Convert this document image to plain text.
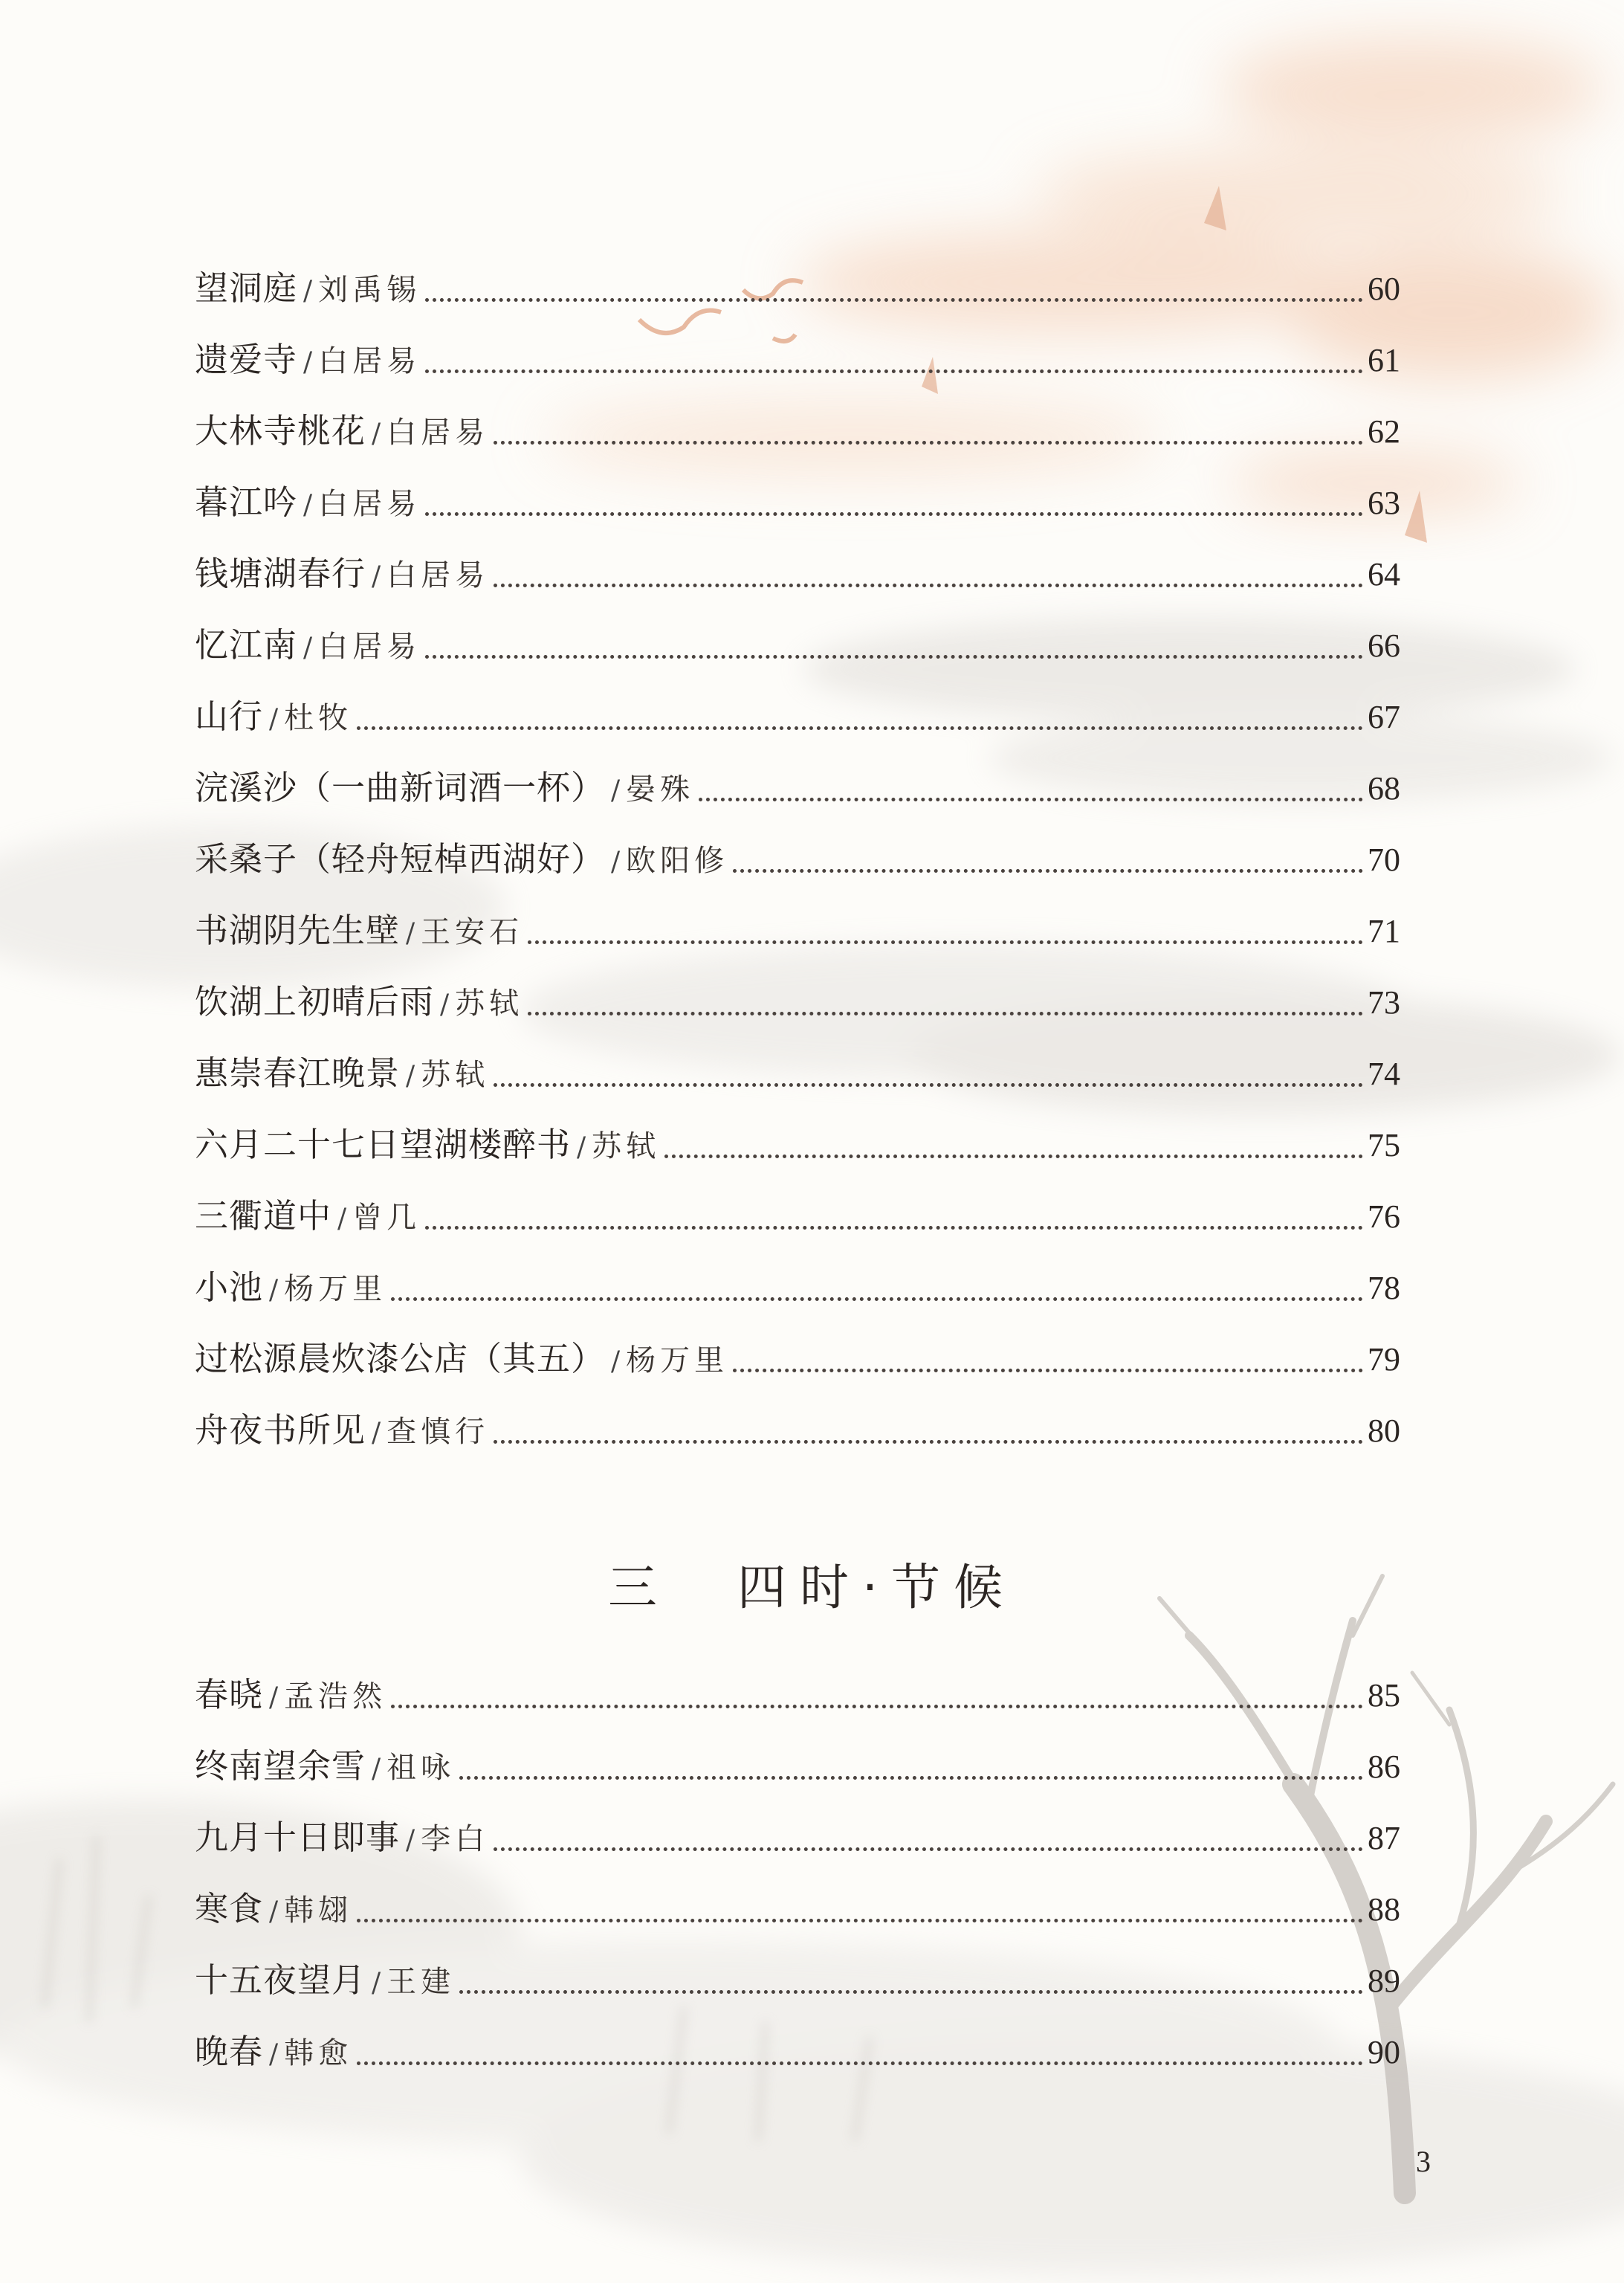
望洞庭 / 刘禹锡	60
遗爱寺 / 白居易	61
大林寺桃花 / 白居易	62
暮江吟 / 白居易	63
钱塘湖春行 / 白居易	64
忆江南 / 白居易	66
山行 / 杜牧	67
浣溪沙（一曲新词酒一杯） / 晏殊	68
采桑子（轻舟短棹西湖好） / 欧阳修	70
书湖阴先生壁 / 王安石	71
饮湖上初晴后雨 / 苏轼	73
惠崇春江晚景 / 苏轼	74
六月二十七日望湖楼醉书 / 苏轼	75
三衢道中 / 曾几	76
小池 / 杨万里	78
过松源晨炊漆公店（其五） / 杨万里	79
舟夜书所见 / 查慎行	80
三 四时·节候
春晓 / 孟浩然	85
终南望余雪 / 祖咏	86
九月十日即事 / 李白	87
寒食 / 韩翃	88
十五夜望月 / 王建	89
晚春 / 韩愈	90
3
